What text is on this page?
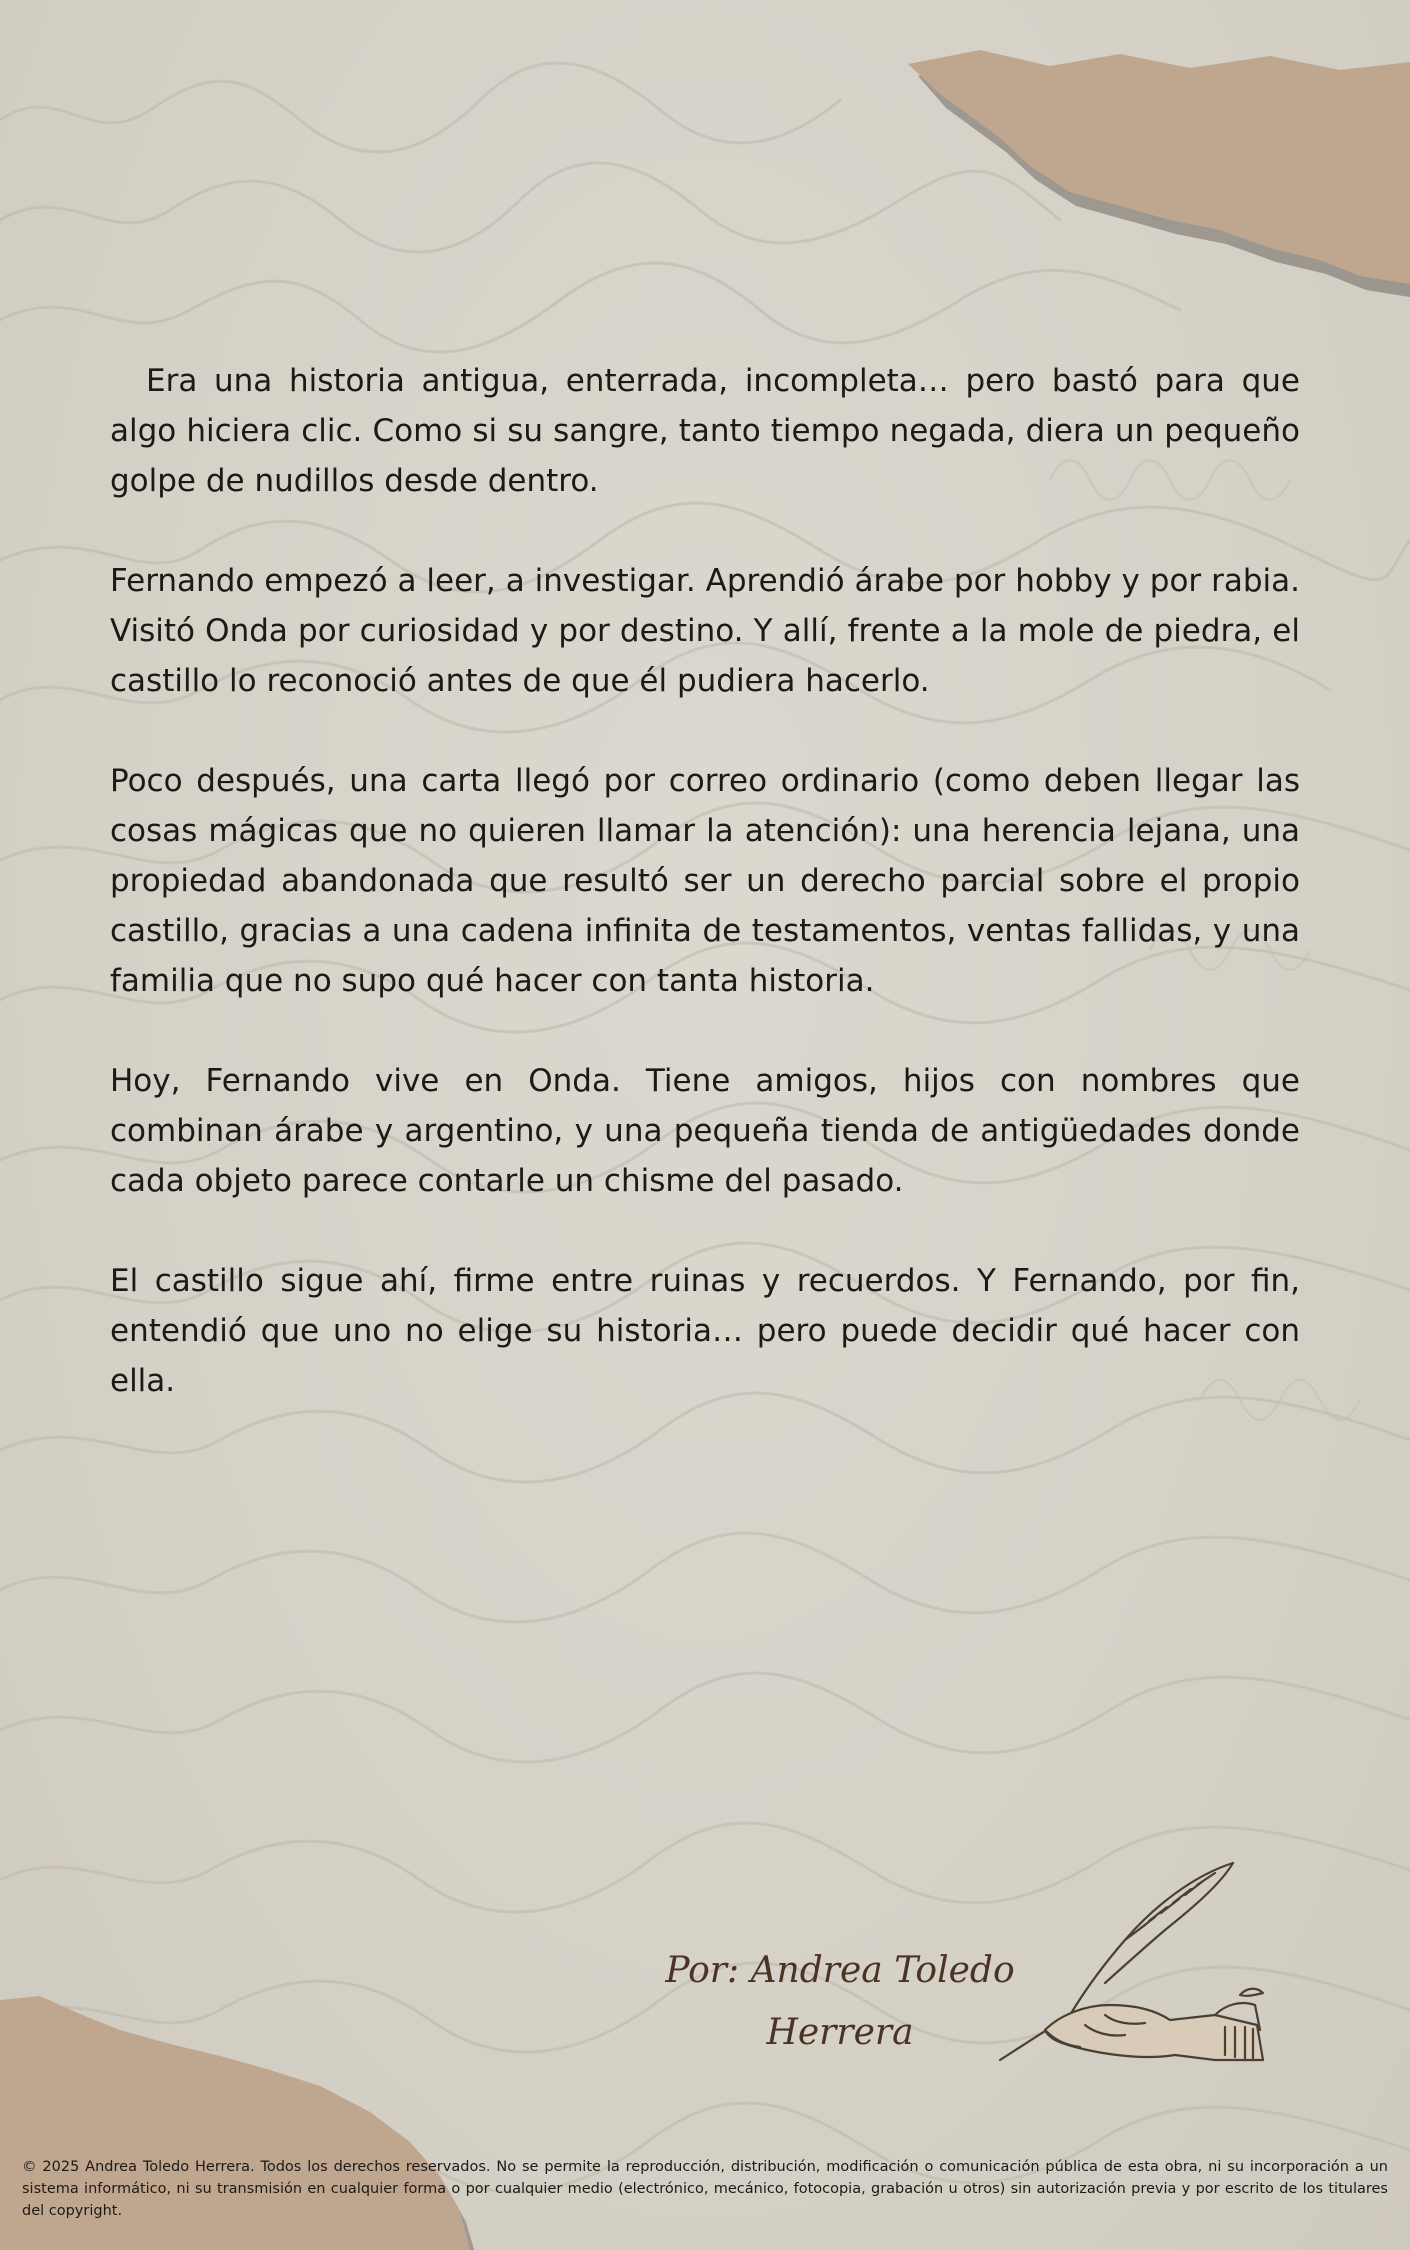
Era una historia antigua, enterrada, incompleta… pero bastó para que algo hiciera clic. Como si su sangre, tanto tiempo negada, diera un pequeño golpe de nudillos desde dentro.

Fernando empezó a leer, a investigar. Aprendió árabe por hobby y por rabia. Visitó Onda por curiosidad y por destino. Y allí, frente a la mole de piedra, el castillo lo reconoció antes de que él pudiera hacerlo.

Poco después, una carta llegó por correo ordinario (como deben llegar las cosas mágicas que no quieren llamar la atención): una herencia lejana, una propiedad abandonada que resultó ser un derecho parcial sobre el propio castillo, gracias a una cadena infinita de testamentos, ventas fallidas, y una familia que no supo qué hacer con tanta historia.

Hoy, Fernando vive en Onda. Tiene amigos, hijos con nombres que combinan árabe y argentino, y una pequeña tienda de antigüedades donde cada objeto parece contarle un chisme del pasado.

El castillo sigue ahí, firme entre ruinas y recuerdos. Y Fernando, por fin, entendió que uno no elige su historia… pero puede decidir qué hacer con ella.

Por: Andrea Toledo
Herrera
© 2025 Andrea Toledo Herrera. Todos los derechos reservados. No se permite la reproducción, distribución, modificación o comunicación pública de esta obra, ni su incorporación a un sistema informático, ni su transmisión en cualquier forma o por cualquier medio (electrónico, mecánico, fotocopia, grabación u otros) sin autorización previa y por escrito de los titulares del copyright.
